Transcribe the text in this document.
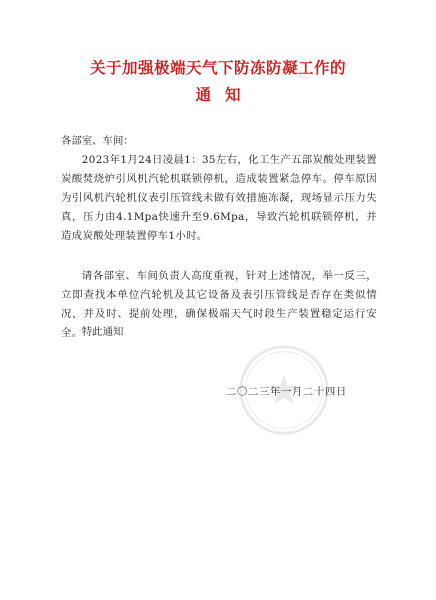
关于加强极端天气下防冻防凝工作的
通知
各部室、车间：

2023年1月24日凌晨1：35左右，化工生产五部炭酸处理装置炭酸焚烧炉引风机汽轮机联锁停机，造成装置紧急停车。停车原因为引风机汽轮机仪表引压管线未做有效措施冻凝，现场显示压力失真，压力由4.1Mpa快速升至9.6Mpa，导致汽轮机联锁停机，并造成炭酸处理装置停车1小时。

请各部室、车间负责人高度重视，针对上述情况，举一反三，立即查找本单位汽轮机及其它设备及表引压管线是否存在类似情况，并及时、提前处理，确保极端天气时段生产装置稳定运行安全。 特此通知
二〇二三年一月二十四日
